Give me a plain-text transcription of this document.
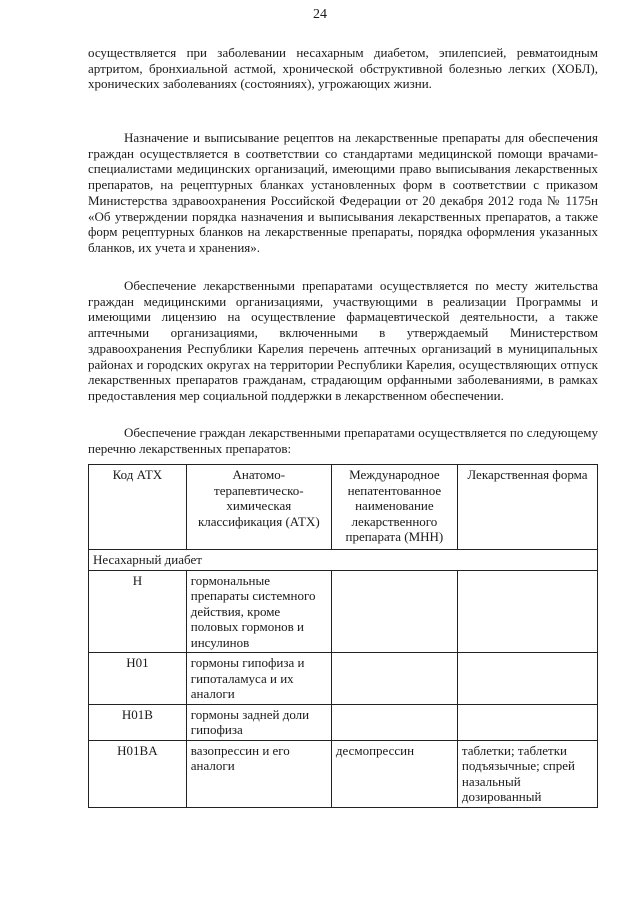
24

осуществляется при заболевании несахарным диабетом, эпилепсией, ревматоидным артритом, бронхиальной астмой, хронической обструктивной болезнью легких (ХОБЛ), хронических заболеваниях (состояниях), угрожающих жизни.

Назначение и выписывание рецептов на лекарственные препараты для обеспечения граждан осуществляется в соответствии со стандартами медицинской помощи врачами-специалистами медицинских организаций, имеющими право выписывания лекарственных препаратов, на рецептурных бланках установленных форм в соответствии с приказом Министерства здравоохранения Российской Федерации от 20 декабря 2012 года № 1175н «Об утверждении порядка назначения и выписывания лекарственных препаратов, а также форм рецептурных бланков на лекарственные препараты, порядка оформления указанных бланков, их учета и хранения».

Обеспечение лекарственными препаратами осуществляется по месту жительства граждан медицинскими организациями, участвующими в реализации Программы и имеющими лицензию на осуществление фармацевтической деятельности, а также аптечными организациями, включенными в утверждаемый Министерством здравоохранения Республики Карелия перечень аптечных организаций в муниципальных районах и городских округах на территории Республики Карелия, осуществляющих отпуск лекарственных препаратов гражданам, страдающим орфанными заболеваниями, в рамках предоставления мер социальной поддержки в лекарственном обеспечении.

Обеспечение граждан лекарственными препаратами осуществляется по следующему перечню лекарственных препаратов:

Код АТХ	Анатомо-терапевтическо-химическая классификация (АТХ)	Международное непатентованное наименование лекарственного препарата (МНН)	Лекарственная форма
Несахарный диабет			
H	гормональные препараты системного действия, кроме половых гормонов и инсулинов		
H01	гормоны гипофиза и гипоталамуса и их аналоги		
H01B	гормоны задней доли гипофиза		
H01BA	вазопрессин и его аналоги	десмопрессин	таблетки; таблетки подъязычные; спрей назальный дозированный
